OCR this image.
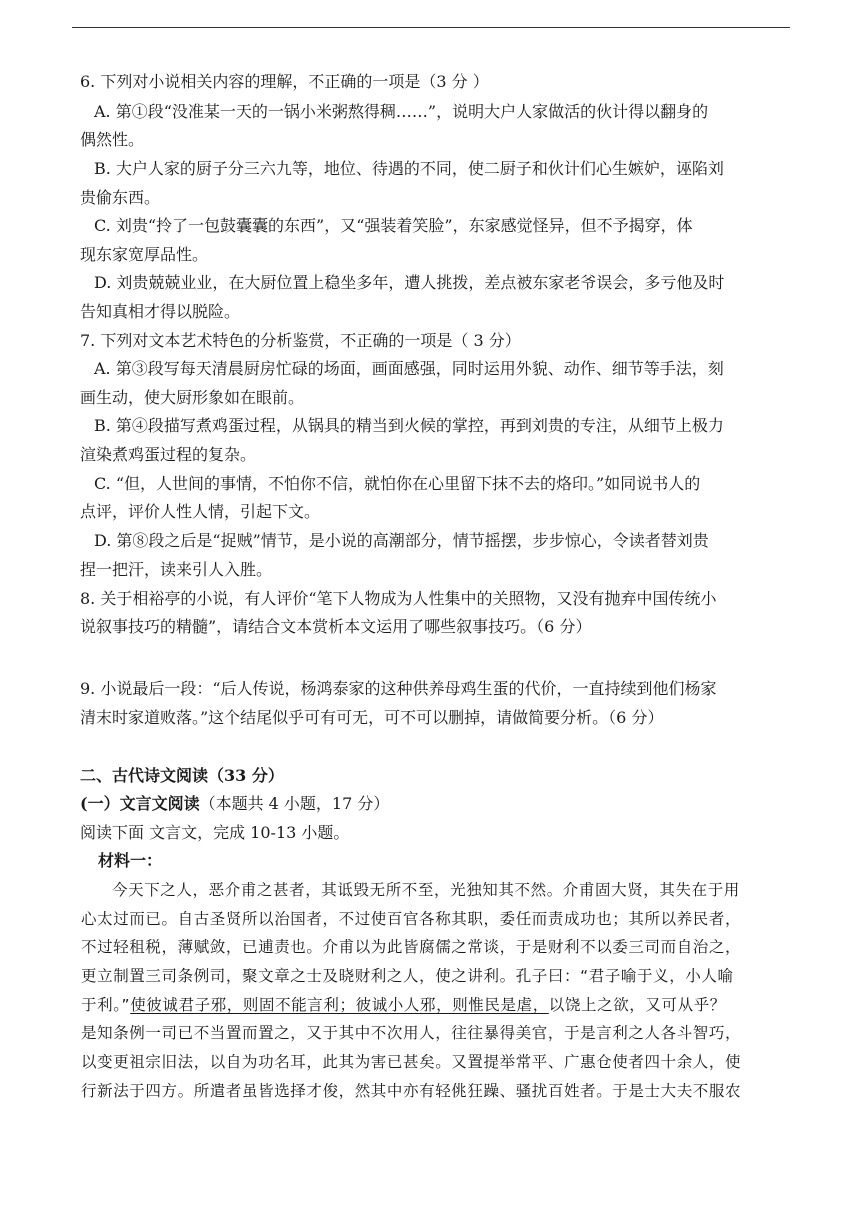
6. 下列对小说相关内容的理解，不正确的一项是（3 分 ）
A. 第①段“没准某一天的一锅小米粥熬得稠……”，说明大户人家做活的伙计得以翻身的
偶然性。
B. 大户人家的厨子分三六九等，地位、待遇的不同，使二厨子和伙计们心生嫉妒，诬陷刘
贵偷东西。
C. 刘贵“拎了一包鼓囊囊的东西”，又“强装着笑脸”，东家感觉怪异，但不予揭穿，体
现东家宽厚品性。
D. 刘贵兢兢业业，在大厨位置上稳坐多年，遭人挑拨，差点被东家老爷误会，多亏他及时
告知真相才得以脱险。
7. 下列对文本艺术特色的分析鉴赏，不正确的一项是（ 3 分）
A. 第③段写每天清晨厨房忙碌的场面，画面感强，同时运用外貌、动作、细节等手法，刻
画生动，使大厨形象如在眼前。
B. 第④段描写煮鸡蛋过程，从锅具的精当到火候的掌控，再到刘贵的专注，从细节上极力
渲染煮鸡蛋过程的复杂。
C. “但，人世间的事情，不怕你不信，就怕你在心里留下抹不去的烙印。”如同说书人的
点评，评价人性人情，引起下文。
D. 第⑧段之后是“捉贼”情节，是小说的高潮部分，情节摇摆，步步惊心，令读者替刘贵
捏一把汗，读来引人入胜。
8. 关于相裕亭的小说，有人评价“笔下人物成为人性集中的关照物，又没有抛弃中国传统小
说叙事技巧的精髓”，请结合文本赏析本文运用了哪些叙事技巧。（6 分）
9. 小说最后一段：“后人传说，杨鸿泰家的这种供养母鸡生蛋的代价，一直持续到他们杨家
清末时家道败落。”这个结尾似乎可有可无，可不可以删掉，请做简要分析。（6 分）
二、古代诗文阅读（33 分）
(一）文言文阅读（本题共 4 小题，17 分）
阅读下面 文言文，完成 10-13 小题。
材料一：
今天下之人，恶介甫之甚者，其诋毁无所不至，光独知其不然。介甫固大贤，其失在于用
心太过而已。自古圣贤所以治国者，不过使百官各称其职，委任而责成功也；其所以养民者，
不过轻租税，薄赋敛，已逋责也。介甫以为此皆腐儒之常谈，于是财利不以委三司而自治之，
更立制置三司条例司，聚文章之士及晓财利之人，使之讲利。孔子曰：“君子喻于义，小人喻
于利。”使彼诚君子邪，则固不能言利；彼诚小人邪，则惟民是虐，以饶上之欲，又可从乎？
是知条例一司已不当置而置之，又于其中不次用人，往往暴得美官，于是言利之人各斗智巧，
以变更祖宗旧法，以自为功名耳，此其为害已甚矣。又置提举常平、广惠仓使者四十余人，使
行新法于四方。所遣者虽皆选择才俊，然其中亦有轻佻狂躁、骚扰百姓者。于是士大夫不服农
